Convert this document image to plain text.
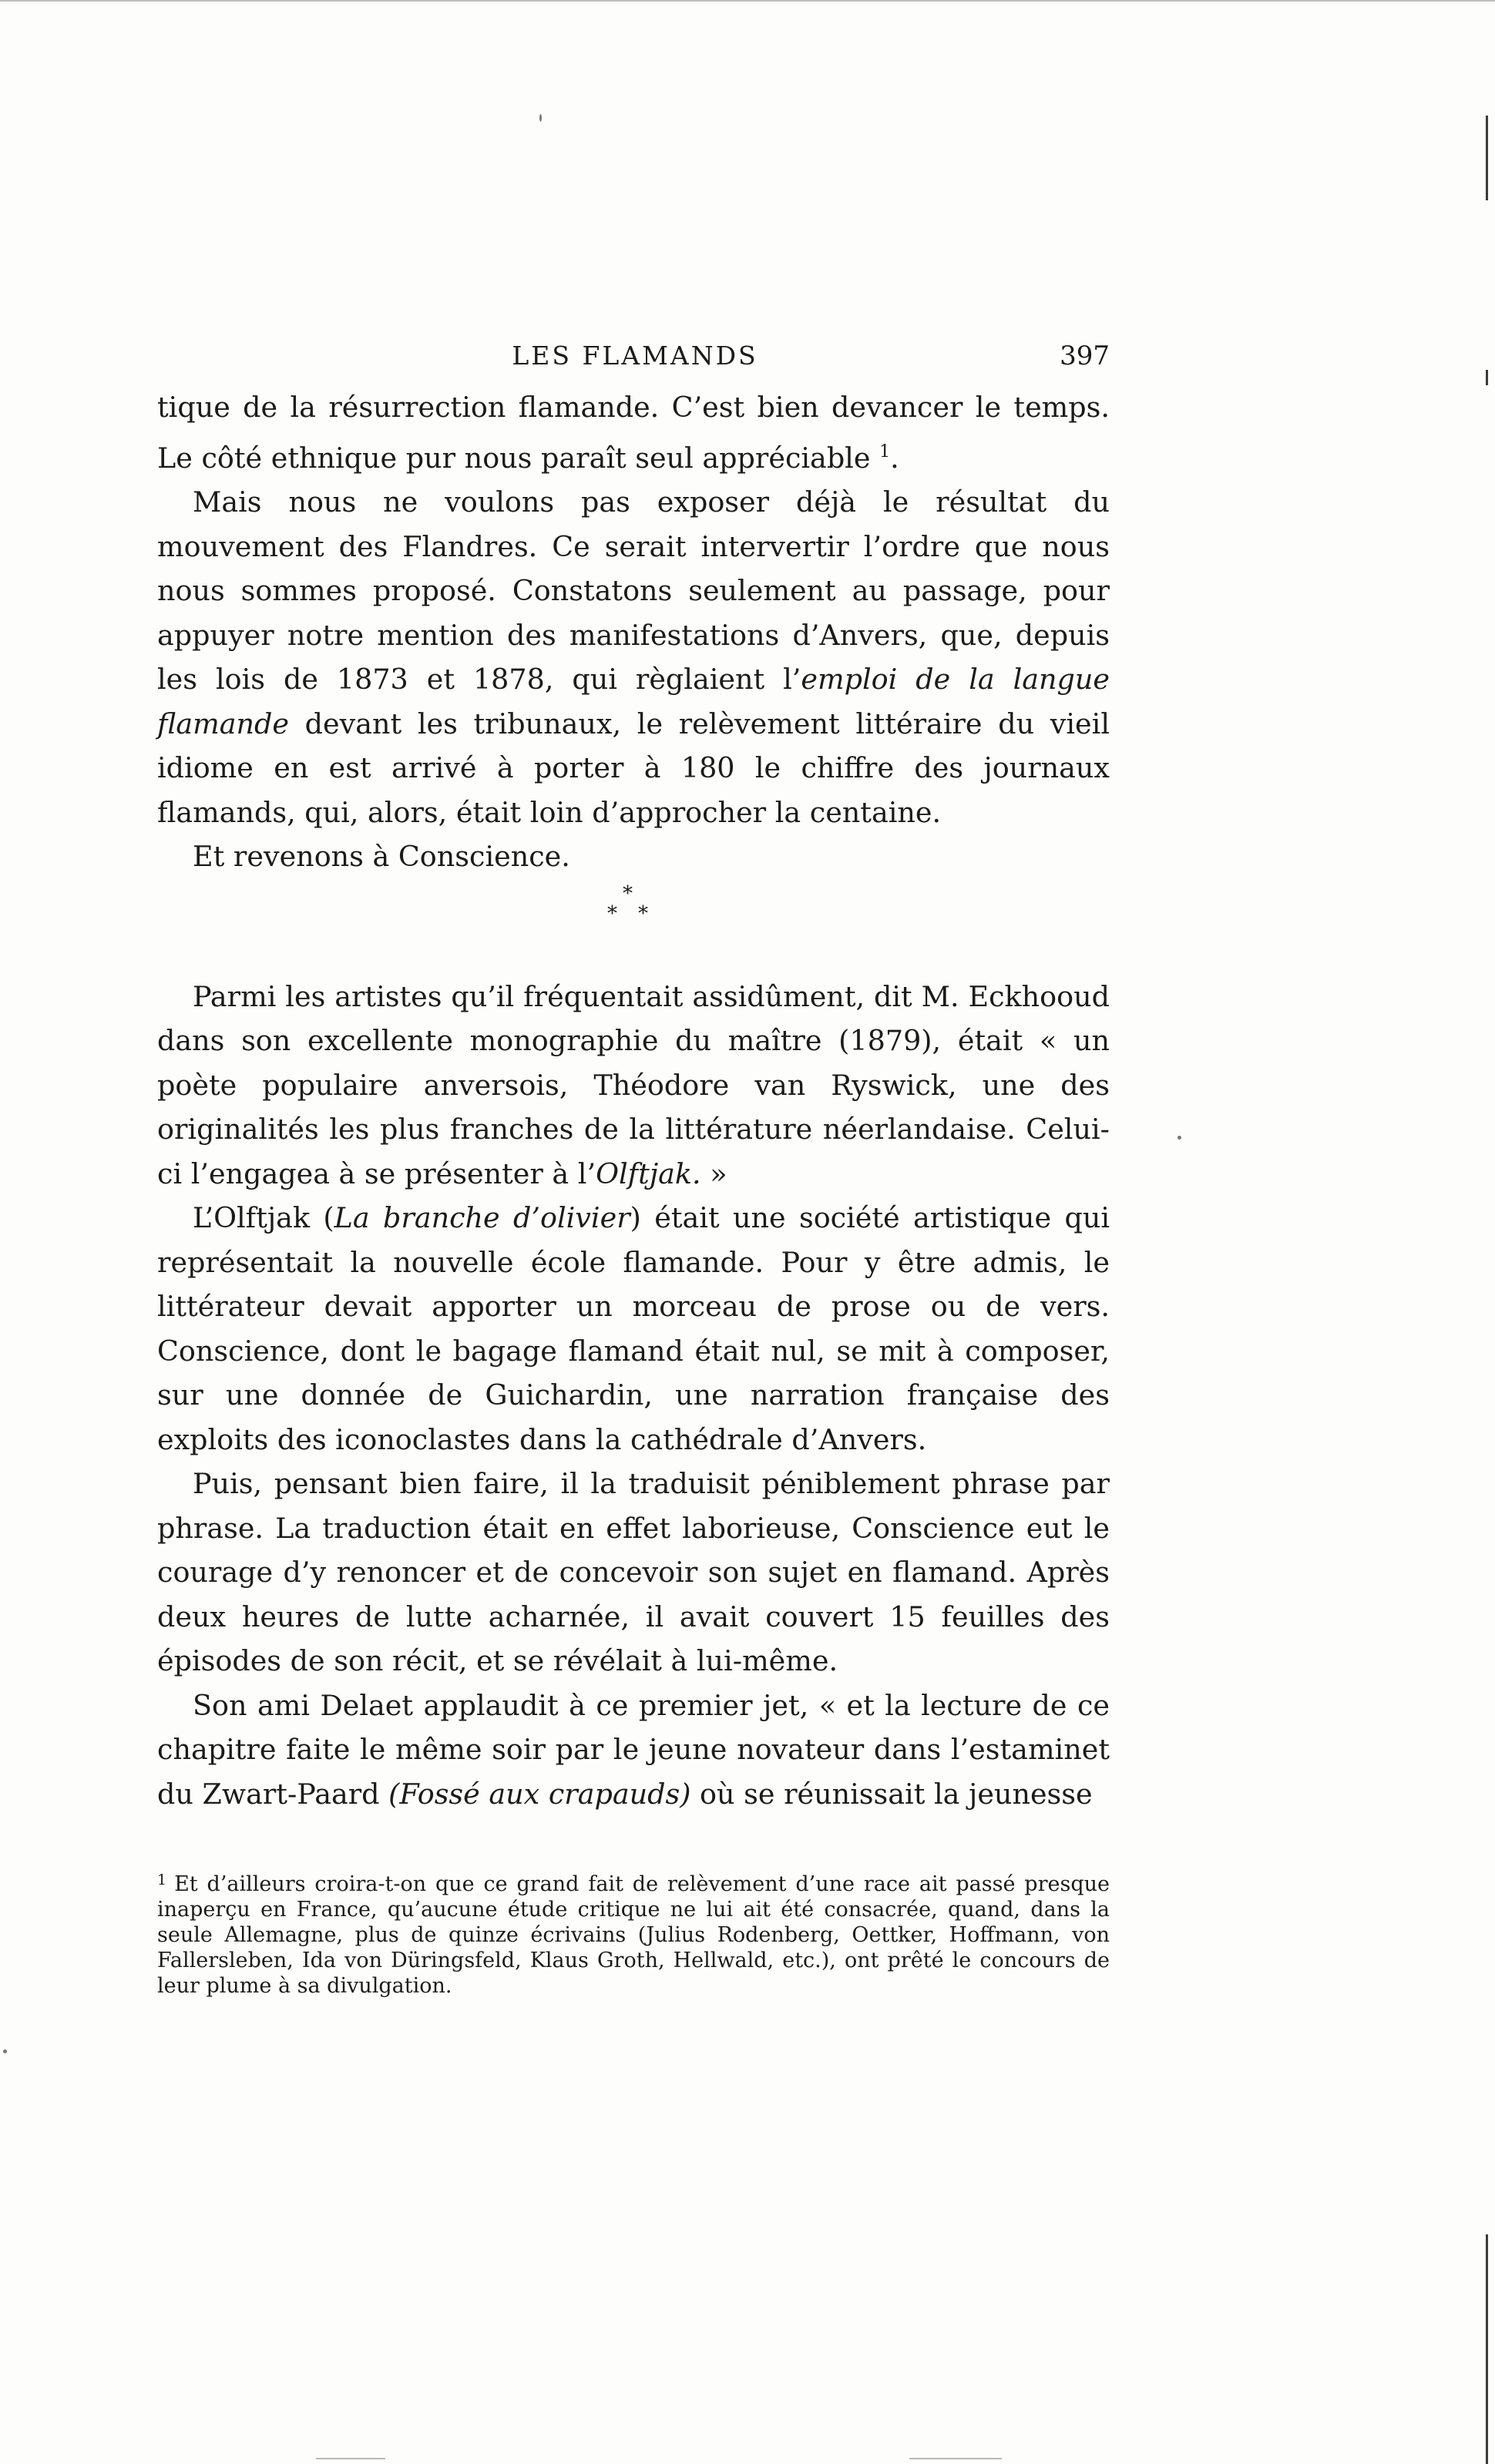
LES FLAMANDS	397

tique de la résurrection flamande. C’est bien devancer le temps. Le côté ethnique pur nous paraît seul appréciable $^1$.

Mais nous ne voulons pas exposer déjà le résultat du mouvement des Flandres. Ce serait intervertir l’ordre que nous nous sommes proposé. Constatons seulement au passage, pour appuyer notre mention des manifestations d’Anvers, que, depuis les lois de 1873 et 1878, qui règlaient l’emploi de la langue flamande devant les tribunaux, le relèvement littéraire du vieil idiome en est arrivé à porter à 180 le chiffre des journaux flamands, qui, alors, était loin d’approcher la centaine.

Et revenons à Conscience.

*
* *

Parmi les artistes qu’il fréquentait assidûment, dit M. Eckhooud dans son excellente monographie du maître (1879), était « un poète populaire anversois, Théodore van Ryswick, une des originalités les plus franches de la littérature néerlandaise. Celui-ci l’engagea à se présenter à l’Olftjak. »

L’Olftjak (La branche d’olivier) était une société artistique qui représentait la nouvelle école flamande. Pour y être admis, le littérateur devait apporter un morceau de prose ou de vers. Conscience, dont le bagage flamand était nul, se mit à composer, sur une donnée de Guichardin, une narration française des exploits des iconoclastes dans la cathédrale d’Anvers.

Puis, pensant bien faire, il la traduisit péniblement phrase par phrase. La traduction était en effet laborieuse, Conscience eut le courage d’y renoncer et de concevoir son sujet en flamand. Après deux heures de lutte acharnée, il avait couvert 15 feuilles des épisodes de son récit, et se révélait à lui-même.

Son ami Delaet applaudit à ce premier jet, « et la lecture de ce chapitre faite le même soir par le jeune novateur dans l’estaminet du Zwart-Paard (Fossé aux crapauds) où se réunissait la jeunesse

$^1$ Et d’ailleurs croira-t-on que ce grand fait de relèvement d’une race ait passé presque inaperçu en France, qu’aucune étude critique ne lui ait été consacrée, quand, dans la seule Allemagne, plus de quinze écrivains (Julius Rodenberg, Oettker, Hoffmann, von Fallersleben, Ida von Düringsfeld, Klaus Groth, Hellwald, etc.), ont prêté le concours de leur plume à sa divulgation.
